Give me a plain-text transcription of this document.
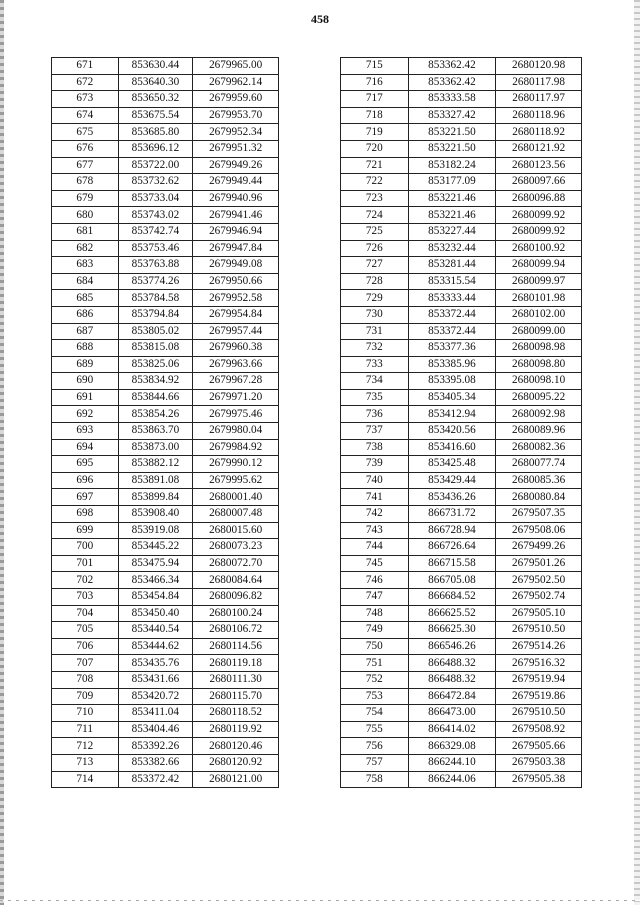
458
671	853630.44	2679965.00
672	853640.30	2679962.14
673	853650.32	2679959.60
674	853675.54	2679953.70
675	853685.80	2679952.34
676	853696.12	2679951.32
677	853722.00	2679949.26
678	853732.62	2679949.44
679	853733.04	2679940.96
680	853743.02	2679941.46
681	853742.74	2679946.94
682	853753.46	2679947.84
683	853763.88	2679949.08
684	853774.26	2679950.66
685	853784.58	2679952.58
686	853794.84	2679954.84
687	853805.02	2679957.44
688	853815.08	2679960.38
689	853825.06	2679963.66
690	853834.92	2679967.28
691	853844.66	2679971.20
692	853854.26	2679975.46
693	853863.70	2679980.04
694	853873.00	2679984.92
695	853882.12	2679990.12
696	853891.08	2679995.62
697	853899.84	2680001.40
698	853908.40	2680007.48
699	853919.08	2680015.60
700	853445.22	2680073.23
701	853475.94	2680072.70
702	853466.34	2680084.64
703	853454.84	2680096.82
704	853450.40	2680100.24
705	853440.54	2680106.72
706	853444.62	2680114.56
707	853435.76	2680119.18
708	853431.66	2680111.30
709	853420.72	2680115.70
710	853411.04	2680118.52
711	853404.46	2680119.92
712	853392.26	2680120.46
713	853382.66	2680120.92
714	853372.42	2680121.00
715	853362.42	2680120.98
716	853362.42	2680117.98
717	853333.58	2680117.97
718	853327.42	2680118.96
719	853221.50	2680118.92
720	853221.50	2680121.92
721	853182.24	2680123.56
722	853177.09	2680097.66
723	853221.46	2680096.88
724	853221.46	2680099.92
725	853227.44	2680099.92
726	853232.44	2680100.92
727	853281.44	2680099.94
728	853315.54	2680099.97
729	853333.44	2680101.98
730	853372.44	2680102.00
731	853372.44	2680099.00
732	853377.36	2680098.98
733	853385.96	2680098.80
734	853395.08	2680098.10
735	853405.34	2680095.22
736	853412.94	2680092.98
737	853420.56	2680089.96
738	853416.60	2680082.36
739	853425.48	2680077.74
740	853429.44	2680085.36
741	853436.26	2680080.84
742	866731.72	2679507.35
743	866728.94	2679508.06
744	866726.64	2679499.26
745	866715.58	2679501.26
746	866705.08	2679502.50
747	866684.52	2679502.74
748	866625.52	2679505.10
749	866625.30	2679510.50
750	866546.26	2679514.26
751	866488.32	2679516.32
752	866488.32	2679519.94
753	866472.84	2679519.86
754	866473.00	2679510.50
755	866414.02	2679508.92
756	866329.08	2679505.66
757	866244.10	2679503.38
758	866244.06	2679505.38
